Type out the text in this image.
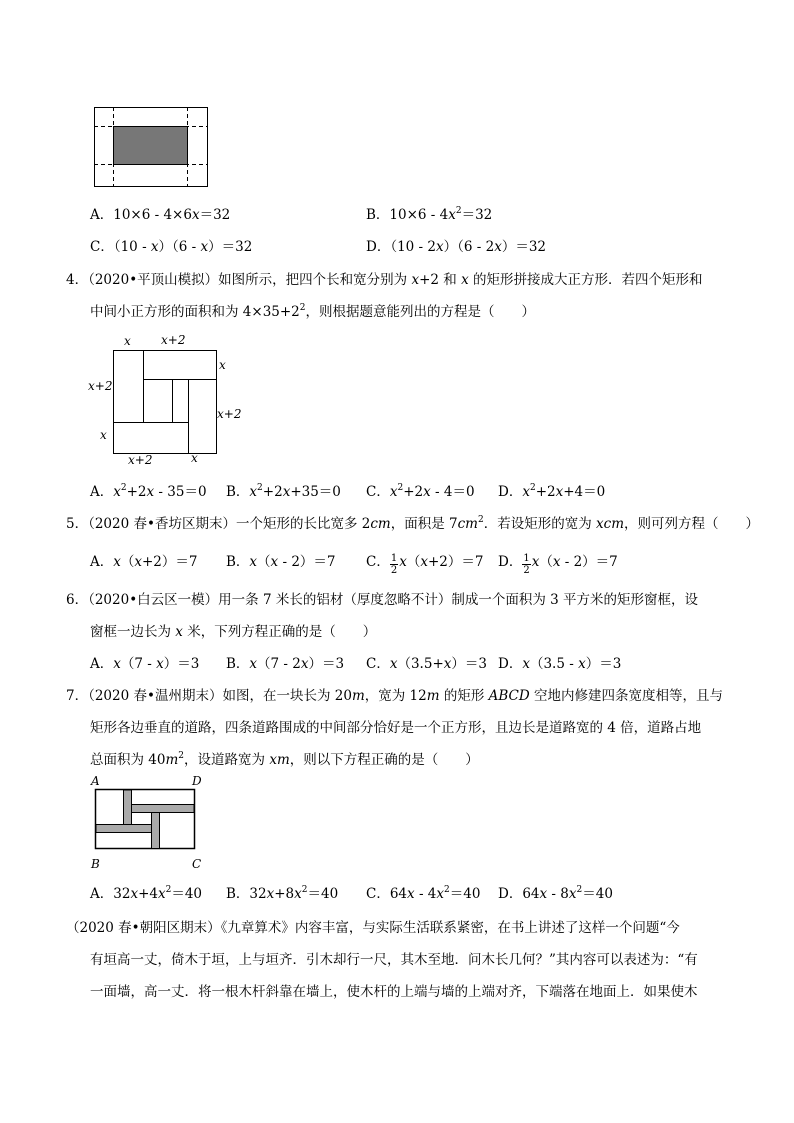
A．10×6 - 4×6x＝32	B．$10\times 6 - 4x^2=32$
C．（10 - x）（6 - x）＝32	D．（10 - 2x）（6 - 2x）＝32
4．（2020•平顶山模拟）如图所示，把四个长和宽分别为 x+2 和 x 的矩形拼接成大正方形．若四个矩形和
中间小正方形的面积和为 $4\times 35+2^2$，则根据题意能列出的方程是（　　）
x	x+2
x
x+2
x+2
x
x+2	x
A．$x^2+2x - 35=0$ B．$x^2+2x+35=0$ C．$x^2+2x - 4=0$ D．$x^2+2x+4=0$
5．（2020 春•香坊区期末）一个矩形的长比宽多 2cm，面积是 $7cm^2$．若设矩形的宽为 xcm，则可列方程（　　）
A．x（x+2）＝7 B．x（x - 2）＝7 C． $\frac{1}{2} x(x+2)=7$ D． $\frac{1}{2} x(x - 2)=7$
6．（2020•白云区一模）用一条 7 米长的铝材（厚度忽略不计）制成一个面积为 3 平方米的矩形窗框，设
窗框一边长为 x 米，下列方程正确的是（　　）
A．x（7 - x）＝3 B．x（7 - 2x）＝3 C．x（3.5+x）＝3 D．x（3.5 - x）＝3
7．（2020 春•温州期末）如图，在一块长为 20m，宽为 12m 的矩形 ABCD 空地内修建四条宽度相等，且与
矩形各边垂直的道路，四条道路围成的中间部分恰好是一个正方形，且边长是道路宽的 4 倍，道路占地
总面积为 $40m^2$，设道路宽为 xm，则以下方程正确的是（　　）
A	D
B	C
A．$32x+4x^2=40$ B．$32x+8x^2=40$ C．$64x - 4x^2=40$ D．$64x - 8x^2=40$
（2020 春•朝阳区期末）《九章算术》内容丰富，与实际生活联系紧密，在书上讲述了这样一个问题“今
有垣高一丈，倚木于垣，上与垣齐．引木却行一尺，其木至地．问木长几何？”其内容可以表述为：“有
一面墙，高一丈．将一根木杆斜靠在墙上，使木杆的上端与墙的上端对齐，下端落在地面上．如果使木
